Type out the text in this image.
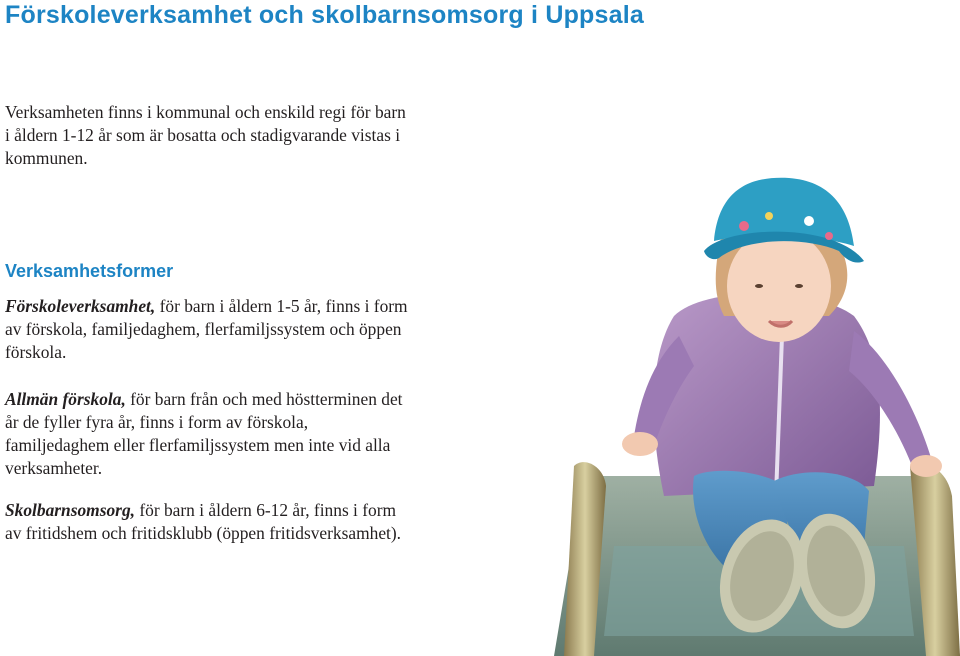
Förskoleverksamhet och skolbarnsomsorg i Uppsala

Verksamheten finns i kommunal och enskild regi för barn i åldern 1-12 år som är bosatta och stadigvarande vistas i kommunen.

Verksamhetsformer

Förskoleverksamhet, för barn i åldern 1-5 år, finns i form av förskola, familjedaghem, flerfamiljssystem och öppen förskola.

Allmän förskola, för barn från och med höstterminen det år de fyller fyra år, finns i form av förskola, familjedaghem eller flerfamiljssystem men inte vid alla verksamheter.

Skolbarnsomsorg, för barn i åldern 6-12 år, finns i form av fritidshem och fritidsklubb (öppen fritidsverksamhet).
